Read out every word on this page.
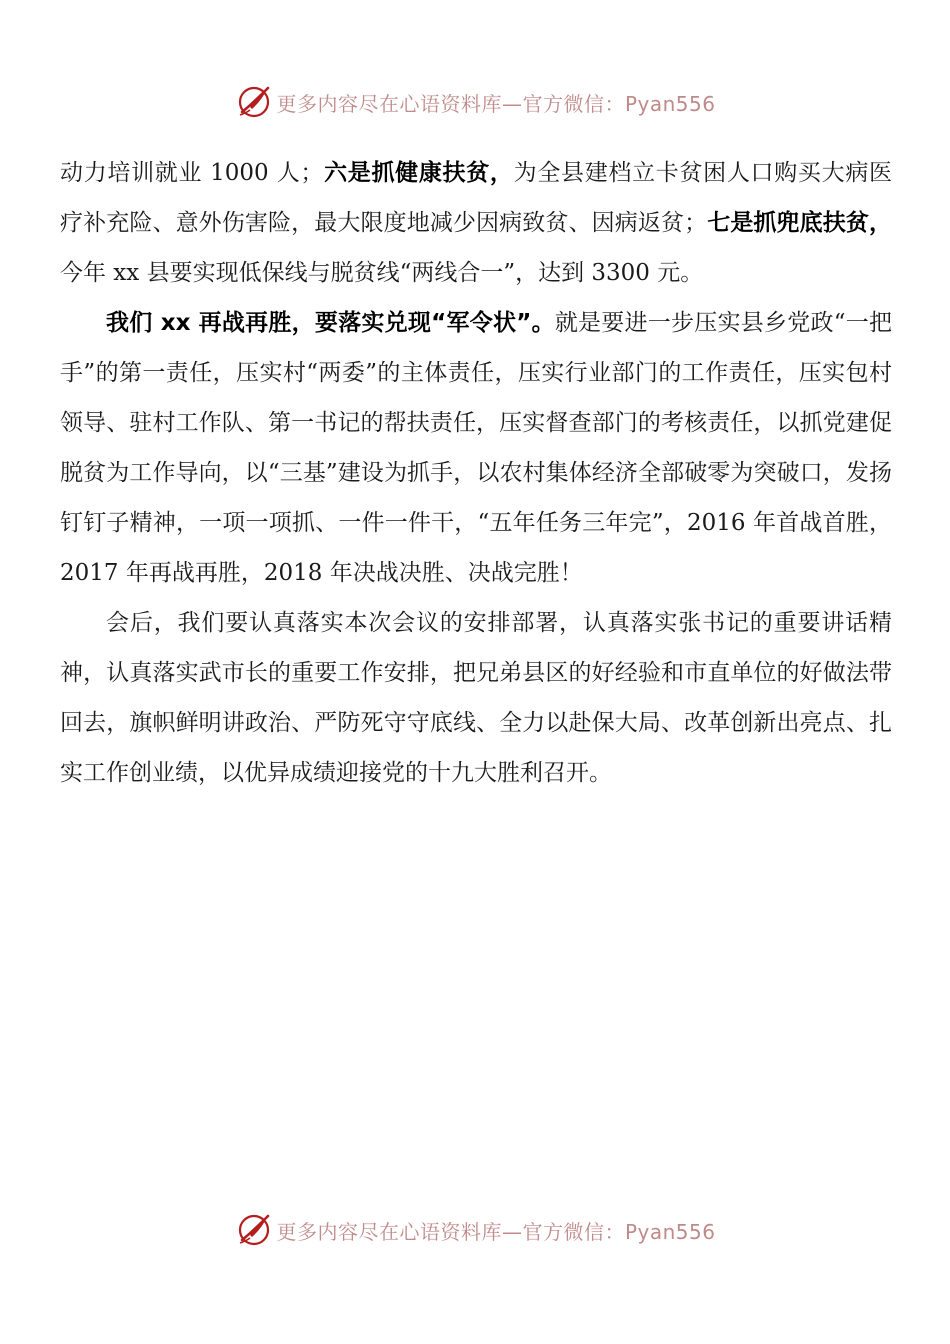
更多内容尽在心语资料库—官方微信：Pyan556

动力培训就业 1000 人；六是抓健康扶贫，为全县建档立卡贫困人口购买大病医疗补充险、意外伤害险，最大限度地减少因病致贫、因病返贫；七是抓兜底扶贫，今年 xx 县要实现低保线与脱贫线“两线合一”，达到 3300 元。

我们 xx 再战再胜，要落实兑现“军令状”。就是要进一步压实县乡党政“一把手”的第一责任，压实村“两委”的主体责任，压实行业部门的工作责任，压实包村领导、驻村工作队、第一书记的帮扶责任，压实督查部门的考核责任，以抓党建促脱贫为工作导向，以“三基”建设为抓手，以农村集体经济全部破零为突破口，发扬钉钉子精神，一项一项抓、一件一件干，“五年任务三年完”，2016 年首战首胜，2017 年再战再胜，2018 年决战决胜、决战完胜！

会后，我们要认真落实本次会议的安排部署，认真落实张书记的重要讲话精神，认真落实武市长的重要工作安排，把兄弟县区的好经验和市直单位的好做法带回去，旗帜鲜明讲政治、严防死守守底线、全力以赴保大局、改革创新出亮点、扎实工作创业绩，以优异成绩迎接党的十九大胜利召开。

更多内容尽在心语资料库—官方微信：Pyan556
